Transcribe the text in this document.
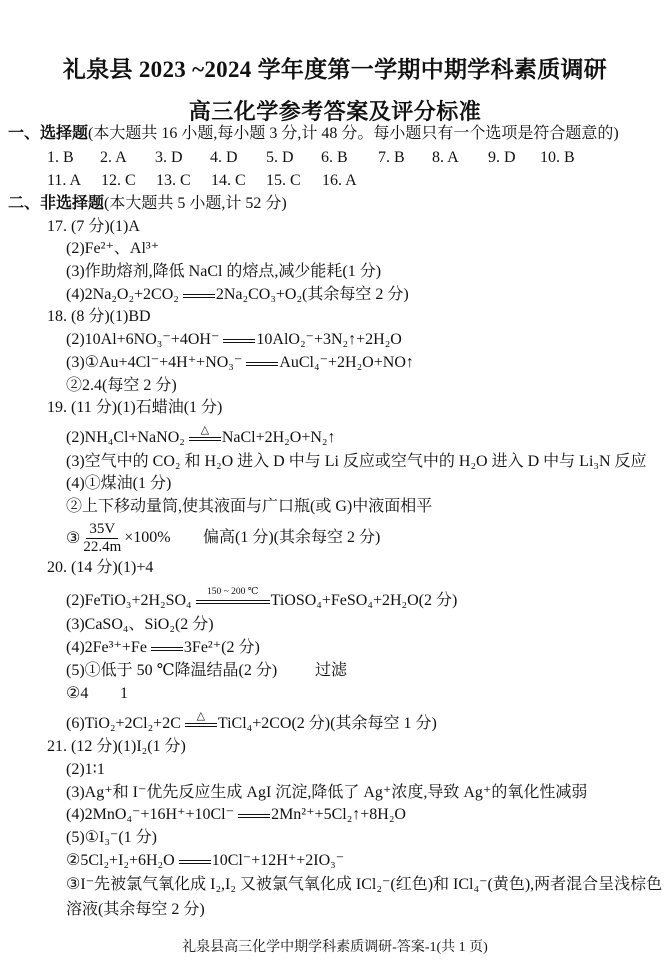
礼泉县 2023 ~2024 学年度第一学期中期学科素质调研
高三化学参考答案及评分标准
一、选择题(本大题共 16 小题,每小题 3 分,计 48 分。每小题只有一个选项是符合题意的)
1. B 2. A 3. D 4. D 5. D 6. B 7. B 8. A 9. D 10. B
11. A 12. C 13. C 14. C 15. C 16. A
二、非选择题(本大题共 5 小题,计 52 分)
17. (7 分)(1)A
(2)Fe²⁺、Al³⁺
(3)作助熔剂,降低 NaCl 的熔点,减少能耗(1 分)
(4)2Na₂O₂+2CO₂ 2Na₂CO₃+O₂(其余每空 2 分)
18. (8 分)(1)BD
(2)10Al+6NO₃⁻+4OH⁻ 10AlO₂⁻+3N₂↑+2H₂O
(3)①Au+4Cl⁻+4H⁺+NO₃⁻ AuCl₄⁻+2H₂O+NO↑
②2.4(每空 2 分)
19. (11 分)(1)石蜡油(1 分)
(2)NH₄Cl+NaNO₂	△ NaCl+2H₂O+N₂↑
(3)空气中的 CO₂ 和 H₂O 进入 D 中与 Li 反应或空气中的 H₂O 进入 D 中与 Li₃N 反应
(4)①煤油(1 分)
②上下移动量筒,使其液面与广口瓶(或 G)中液面相平
③ $\frac{35V}{22.4m} \times 100\%$ 偏高(1 分)(其余每空 2 分)
20. (14 分)(1)+4
(2)FeTiO₃+2H₂SO₄	150 ~ 200 ℃ TiOSO₄+FeSO₄+2H₂O(2 分)
(3)CaSO₄、SiO₂(2 分)
(4)2Fe³⁺+Fe 3Fe²⁺(2 分)
(5)①低于 50 ℃降温结晶(2 分) 过滤
②4 1
(6)TiO₂+2Cl₂+2C	△ TiCl₄+2CO(2 分)(其余每空 1 分)
21. (12 分)(1)I₂(1 分)
(2)1∶1
(3)Ag⁺和 I⁻优先反应生成 AgI 沉淀,降低了 Ag⁺浓度,导致 Ag⁺的氧化性减弱
(4)2MnO₄⁻+16H⁺+10Cl⁻ 2Mn²⁺+5Cl₂↑+8H₂O
(5)①I₃⁻(1 分)
②5Cl₂+I₂+6H₂O 10Cl⁻+12H⁺+2IO₃⁻
③I⁻先被氯气氧化成 I₂,I₂ 又被氯气氧化成 ICl₂⁻(红色)和 ICl₄⁻(黄色),两者混合呈浅棕色
溶液(其余每空 2 分)
礼泉县高三化学中期学科素质调研-答案-1(共 1 页)
